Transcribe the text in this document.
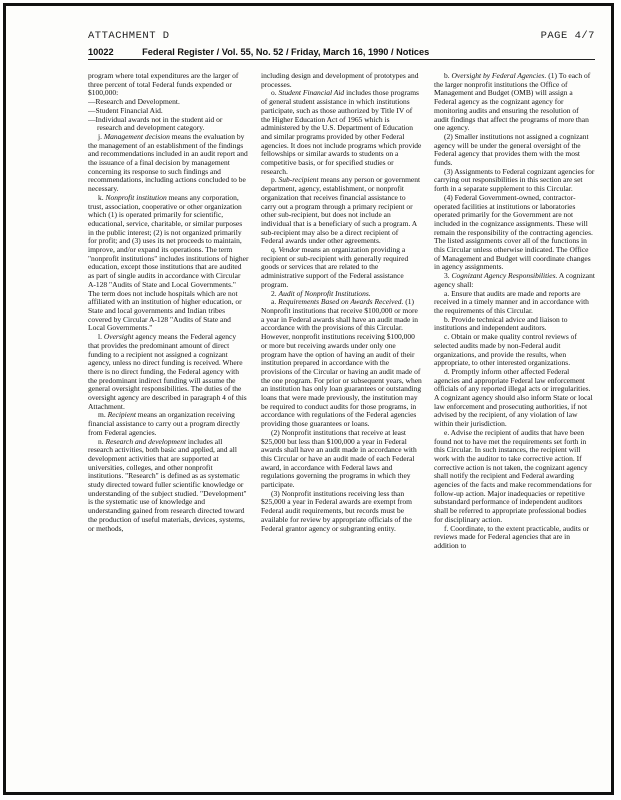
ATTACHMENT D	PAGE 4/7
10022	Federal Register / Vol. 55, No. 52 / Friday, March 16, 1990 / Notices

program where total expenditures are the larger of three percent of total Federal funds expended or $100,000:

—Research and Development.

—Student Financial Aid.

—Individual awards not in the student aid or research and development category.

j. Management decision means the evaluation by the management of an establishment of the findings and recommendations included in an audit report and the issuance of a final decision by management concerning its response to such findings and recommendations, including actions concluded to be necessary.

k. Nonprofit institution means any corporation, trust, association, cooperative or other organization which (1) is operated primarily for scientific, educational, service, charitable, or similar purposes in the public interest; (2) is not organized primarily for profit; and (3) uses its net proceeds to maintain, improve, and/or expand its operations. The term "nonprofit institutions" includes institutions of higher education, except those institutions that are audited as part of single audits in accordance with Circular A-128 "Audits of State and Local Governments." The term does not include hospitals which are not affiliated with an institution of higher education, or State and local governments and Indian tribes covered by Circular A-128 "Audits of State and Local Governments."

l. Oversight agency means the Federal agency that provides the predominant amount of direct funding to a recipient not assigned a cognizant agency, unless no direct funding is received. Where there is no direct funding, the Federal agency with the predominant indirect funding will assume the general oversight responsibilities. The duties of the oversight agency are described in paragraph 4 of this Attachment.

m. Recipient means an organization receiving financial assistance to carry out a program directly from Federal agencies.

n. Research and development includes all research activities, both basic and applied, and all development activities that are supported at universities, colleges, and other nonprofit institutions. "Research" is defined as as systematic study directed toward fuller scientific knowledge or understanding of the subject studied. "Development" is the systematic use of knowledge and understanding gained from research directed toward the production of useful materials, devices, systems, or methods,

including design and development of prototypes and processes.

o. Student Financial Aid includes those programs of general student assistance in which institutions participate, such as those authorized by Title IV of the Higher Education Act of 1965 which is administered by the U.S. Department of Education and similar programs provided by other Federal agencies. It does not include programs which provide fellowships or similar awards to students on a competitive basis, or for specified studies or research.

p. Sub-recipient means any person or government department, agency, establishment, or nonprofit organization that receives financial assistance to carry out a program through a primary recipient or other sub-recipient, but does not include an individual that is a beneficiary of such a program. A sub-recipient may also be a direct recipient of Federal awards under other agreements.

q. Vendor means an organization providing a recipient or sub-recipient with generally required goods or services that are related to the administrative support of the Federal assistance program.

2. Audit of Nonprofit Institutions.

a. Requirements Based on Awards Received. (1) Nonprofit institutions that receive $100,000 or more a year in Federal awards shall have an audit made in accordance with the provisions of this Circular. However, nonprofit institutions receiving $100,000 or more but receiving awards under only one program have the option of having an audit of their institution prepared in accordance with the provisions of the Circular or having an audit made of the one program. For prior or subsequent years, when an institution has only loan guarantees or outstanding loans that were made previously, the institution may be required to conduct audits for those programs, in accordance with regulations of the Federal agencies providing those guarantees or loans.

(2) Nonprofit institutions that receive at least $25,000 but less than $100,000 a year in Federal awards shall have an audit made in accordance with this Circular or have an audit made of each Federal award, in accordance with Federal laws and regulations governing the programs in which they participate.

(3) Nonprofit institutions receiving less than $25,000 a year in Federal awards are exempt from Federal audit requirements, but records must be available for review by appropriate officials of the Federal grantor agency or subgranting entity.

b. Oversight by Federal Agencies. (1) To each of the larger nonprofit institutions the Office of Management and Budget (OMB) will assign a Federal agency as the cognizant agency for monitoring audits and ensuring the resolution of audit findings that affect the programs of more than one agency.

(2) Smaller institutions not assigned a cognizant agency will be under the general oversight of the Federal agency that provides them with the most funds.

(3) Assignments to Federal cognizant agencies for carrying out responsibilities in this section are set forth in a separate supplement to this Circular.

(4) Federal Government-owned, contractor-operated facilities at institutions or laboratories operated primarily for the Government are not included in the cognizance assignments. These will remain the responsibility of the contracting agencies. The listed assignments cover all of the functions in this Circular unless otherwise indicated. The Office of Management and Budget will coordinate changes in agency assignments.

3. Cognizant Agency Responsibilities. A cognizant agency shall:

a. Ensure that audits are made and reports are received in a timely manner and in accordance with the requirements of this Circular.

b. Provide technical advice and liaison to institutions and independent auditors.

c. Obtain or make quality control reviews of selected audits made by non-Federal audit organizations, and provide the results, when appropriate, to other interested organizations.

d. Promptly inform other affected Federal agencies and appropriate Federal law enforcement officials of any reported illegal acts or irregularities. A cognizant agency should also inform State or local law enforcement and prosecuting authorities, if not advised by the recipient, of any violation of law within their jurisdiction.

e. Advise the recipient of audits that have been found not to have met the requirements set forth in this Circular. In such instances, the recipient will work with the auditor to take corrective action. If corrective action is not taken, the cognizant agency shall notify the recipient and Federal awarding agencies of the facts and make recommendations for follow-up action. Major inadequacies or repetitive substandard performance of independent auditors shall be referred to appropriate professional bodies for disciplinary action.

f. Coordinate, to the extent practicable, audits or reviews made for Federal agencies that are in addition to
